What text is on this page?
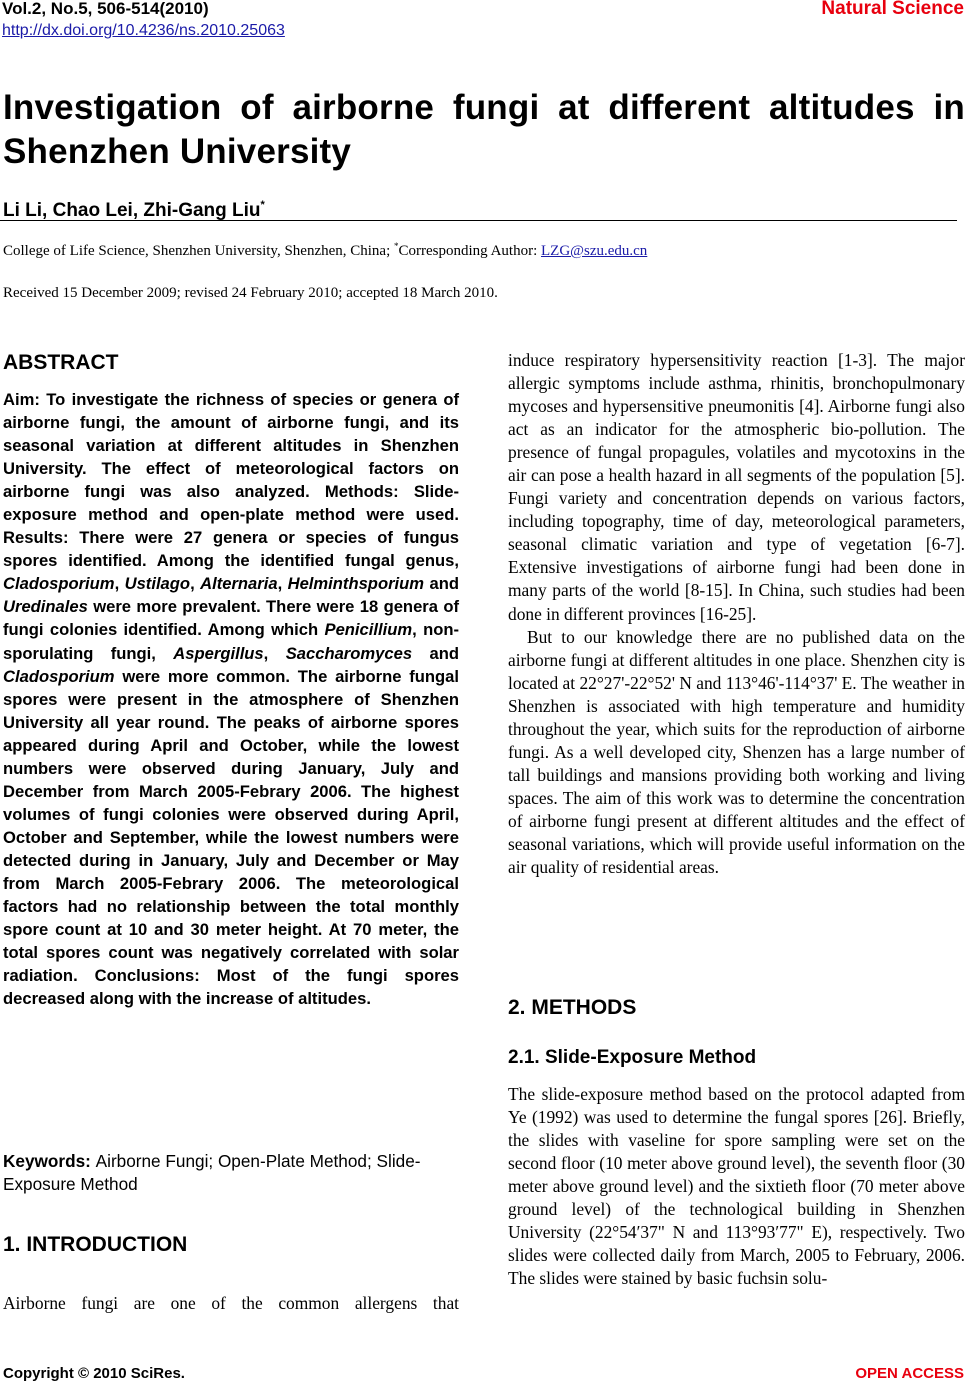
Vol.2, No.5, 506-514(2010)
http://dx.doi.org/10.4236/ns.2010.25063
Natural Science
Investigation of airborne fungi at different altitudes in Shenzhen University
Li Li, Chao Lei, Zhi-Gang Liu*
College of Life Science, Shenzhen University, Shenzhen, China; *Corresponding Author: LZG@szu.edu.cn
Received 15 December 2009; revised 24 February 2010; accepted 18 March 2010.
ABSTRACT
Aim: To investigate the richness of species or genera of airborne fungi, the amount of airborne fungi, and its seasonal variation at different altitudes in Shenzhen University. The effect of meteorological factors on airborne fungi was also analyzed. Methods: Slide-exposure method and open-plate method were used. Results: There were 27 genera or species of fungus spores identified. Among the identified fungal genus, Cladosporium, Ustilago, Alternaria, Helminthsporium and Uredinales were more prevalent. There were 18 genera of fungi colonies identified. Among which Penicillium, non-sporulating fungi, Aspergillus, Saccharomyces and Cladosporium were more common. The airborne fungal spores were present in the atmosphere of Shenzhen University all year round. The peaks of airborne spores appeared during April and October, while the lowest numbers were observed during January, July and December from March 2005-Febrary 2006. The highest volumes of fungi colonies were observed during April, October and September, while the lowest numbers were detected during in January, July and December or May from March 2005-Febrary 2006. The meteorological factors had no relationship between the total monthly spore count at 10 and 30 meter height. At 70 meter, the total spores count was negatively correlated with solar radiation. Conclusions: Most of the fungi spores decreased along with the increase of altitudes.
Keywords: Airborne Fungi; Open-Plate Method; Slide-Exposure Method
1. INTRODUCTION
Airborne fungi are one of the common allergens that

induce respiratory hypersensitivity reaction [1-3]. The major allergic symptoms include asthma, rhinitis, bronchopulmonary mycoses and hypersensitive pneumonitis [4]. Airborne fungi also act as an indicator for the atmospheric bio-pollution. The presence of fungal propagules, volatiles and mycotoxins in the air can pose a health hazard in all segments of the population [5]. Fungi variety and concentration depends on various factors, including topography, time of day, meteorological parameters, seasonal climatic variation and type of vegetation [6-7]. Extensive investigations of airborne fungi had been done in many parts of the world [8-15]. In China, such studies had been done in different provinces [16-25].

But to our knowledge there are no published data on the airborne fungi at different altitudes in one place. Shenzhen city is located at 22°27'-22°52' N and 113°46'-114°37' E. The weather in Shenzhen is associated with high temperature and humidity throughout the year, which suits for the reproduction of airborne fungi. As a well developed city, Shenzen has a large number of tall buildings and mansions providing both working and living spaces. The aim of this work was to determine the concentration of airborne fungi present at different altitudes and the effect of seasonal variations, which will provide useful information on the air quality of residential areas.

2. METHODS
2.1. Slide-Exposure Method
The slide-exposure method based on the protocol adapted from Ye (1992) was used to determine the fungal spores [26]. Briefly, the slides with vaseline for spore sampling were set on the second floor (10 meter above ground level), the seventh floor (30 meter above ground level) and the sixtieth floor (70 meter above ground level) of the technological building in Shenzhen University (22°54′37" N and 113°93′77" E), respectively. Two slides were collected daily from March, 2005 to February, 2006. The slides were stained by basic fuchsin solu-
Copyright © 2010 SciRes.	OPEN ACCESS
